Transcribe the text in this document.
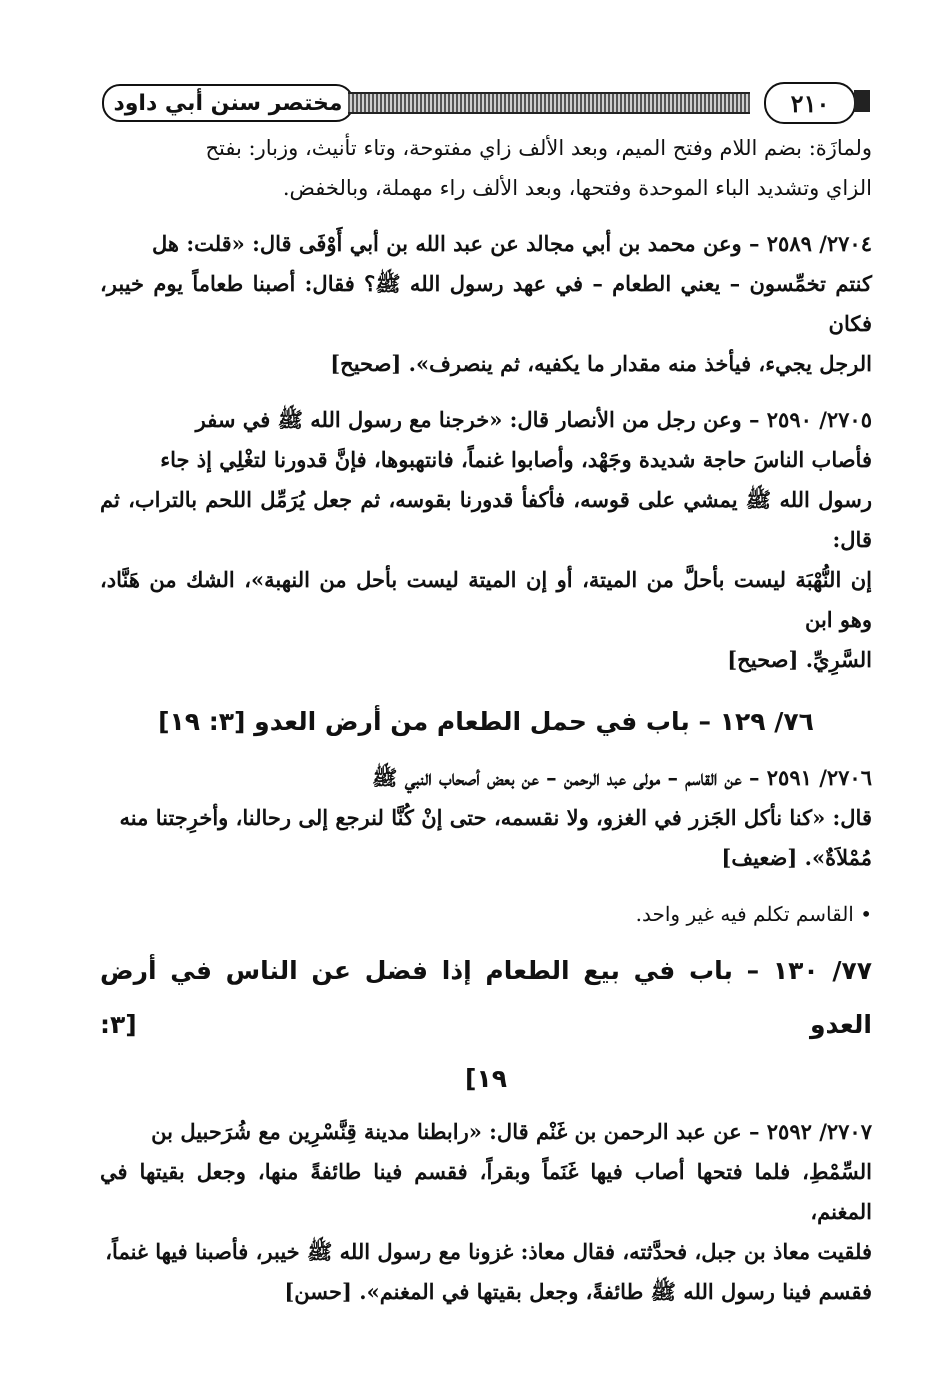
مختصر سنن أبي داود	٢١٠

ولمازَة: بضم اللام وفتح الميم، وبعد الألف زاي مفتوحة، وتاء تأنيث، وزبار: بفتح

الزاي وتشديد الباء الموحدة وفتحها، وبعد الألف راء مهملة، وبالخفض.

٢٧٠٤/ ٢٥٨٩ – وعن محمد بن أبي مجالد عن عبد الله بن أبي أَوْفَى قال: «قلت: هل

كنتم تخمِّسون – يعني الطعام – في عهد رسول الله ﷺ؟ فقال: أصبنا طعاماً يوم خيبر، فكان

الرجل يجيء، فيأخذ منه مقدار ما يكفيه، ثم ينصرف». [صحيح]

٢٧٠٥/ ٢٥٩٠ – وعن رجل من الأنصار قال: «خرجنا مع رسول الله ﷺ في سفر

فأصاب الناسَ حاجة شديدة وجَهْد، وأصابوا غنماً، فانتهبوها، فإنَّ قدورنا لتغْلِي إذ جاء

رسول الله ﷺ يمشي على قوسه، فأكفأ قدورنا بقوسه، ثم جعل يُرَمِّل اللحم بالتراب، ثم قال:

إن النُّهْبَة ليست بأحلَّ من الميتة، أو إن الميتة ليست بأحل من النهبة»، الشك من هَنَّاد، وهو ابن

السَّرِيِّ. [صحيح]

٧٦/ ١٢٩ – باب في حمل الطعام من أرض العدو [٣: ١٩]

٢٧٠٦/ ٢٥٩١ – عن القاسم – مولى عبد الرحمن – عن بعض أصحاب النبي ﷺ

قال: «كنا نأكل الجَزر في الغزو، ولا نقسمه، حتى إنْ كُنَّا لنرجع إلى رحالنا، وأخرِجتنا منه

مُمْلاَةٌ». [ضعيف]

• القاسم تكلم فيه غير واحد.

٧٧/ ١٣٠ – باب في بيع الطعام إذا فضل عن الناس في أرض العدو [٣:
١٩]

٢٧٠٧/ ٢٥٩٢ – عن عبد الرحمن بن غَنْم قال: «رابطنا مدينة قِنَّسْرِين مع شُرَحبيل بن

السِّمْطِ، فلما فتحها أصاب فيها غَنَماً وبقراً، فقسم فينا طائفةً منها، وجعل بقيتها في المغنم،

فلقيت معاذ بن جبل، فحدَّثته، فقال معاذ: غزونا مع رسول الله ﷺ خيبر، فأصبنا فيها غنماً،

فقسم فينا رسول الله ﷺ طائفةً، وجعل بقيتها في المغنم». [حسن]
